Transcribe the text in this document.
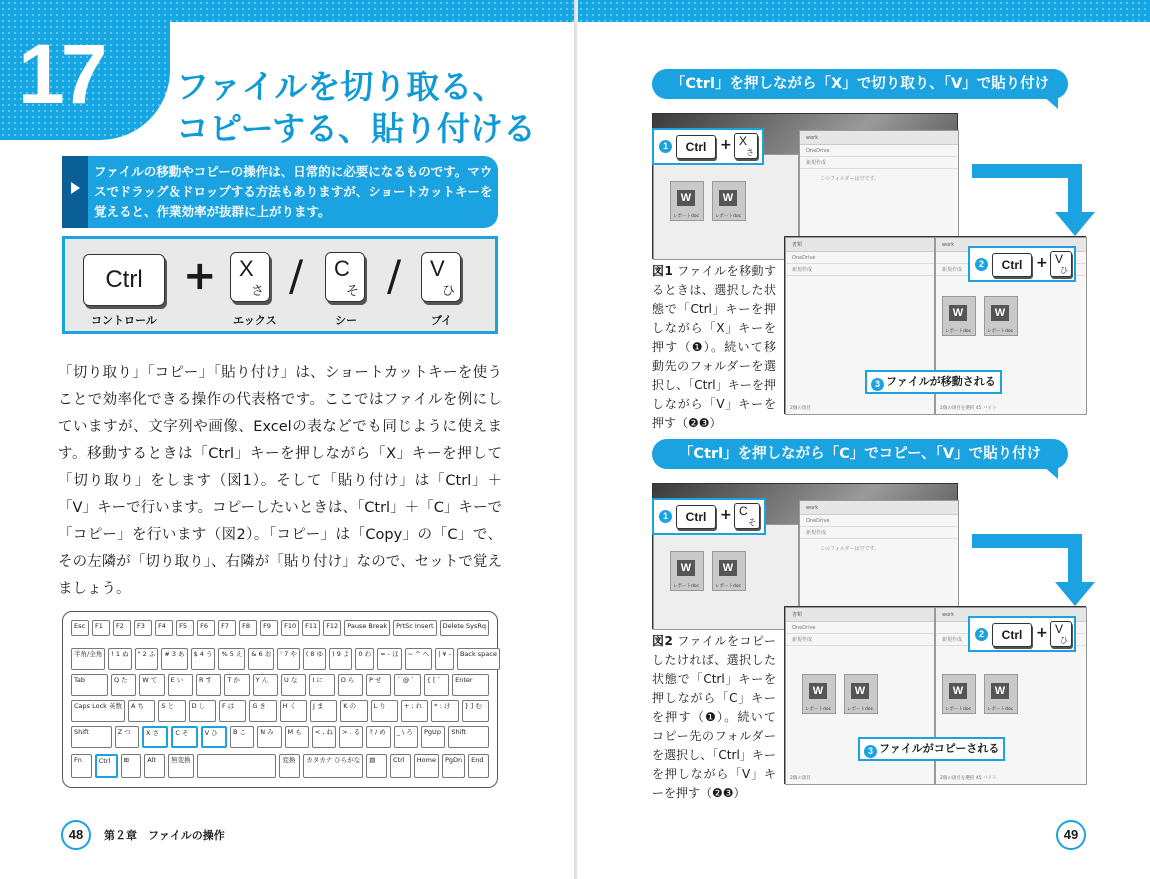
17 ファイルを切り取る、
コピーする、貼り付ける
ファイルの移動やコピーの操作は、日常的に必要になるものです。マウスでドラッグ＆ドロップする方法もありますが、ショートカットキーを覚えると、作業効率が抜群に上がります。
Ctrl
コントロール
+ X
さ
エックス
/ C
そ
シー
/ V
ひ
ブイ
「切り取り」「コピー」「貼り付け」は、ショートカットキーを使うことで効率化できる操作の代表格です。ここではファイルを例にしていますが、文字列や画像、Excelの表などでも同じように使えます。移動するときは「Ctrl」キーを押しながら「X」キーを押して「切り取り」をします（図1）。そして「貼り付け」は「Ctrl」＋「V」キーで行います。コピーしたいときは、「Ctrl」＋「C」キーで「コピー」を行います（図2）。「コピー」は「Copy」の「C」で、その左隣が「切り取り」、右隣が「貼り付け」なので、セットで覚えましょう。
Esc	F1	F2	F3	F4	F5	F6	F7	F8	F9	F10	F11	F12	Pause Break	PrtSc Insert	Delete SysRq
半角/全角	! 1 ぬ	" 2 ふ	# 3 あ	$ 4 う	% 5 え	& 6 お	' 7 や	( 8 ゆ	) 9 よ	0 わ	= - ほ	~ ^ へ	| ¥ -	Back space
Tab	Q た	W て	E い	R す	T か	Y ん	U な	I に	O ら	P せ	` @ ゛	{ [ ゜	Enter
Caps Lock 英数	A ち	S と	D し	F は	G き	H く	J ま	K の	L り	+ ; れ	* : け	} ] む
Shift	Z つ	X さ	C そ	V ひ	B こ	N み	M も	< , ね	> . る	? / め	_ \ ろ	PgUp	Shift
Fn	Ctrl	⊞	Alt	無変換	変換	カタカナ ひらがな	▤	Ctrl	Home	PgDn	End
48	第２章　ファイルの操作
「Ctrl」を押しながら「X」で切り取り、「V」で貼り付け
work
OneDrive
新規作成
このフォルダーは空です。
W
レポートdoc
W
レポートdoc
1	Ctrl + X
さ
書類
OneDrive
新規作成
2個の項目
work
新規作成
W
レポートdoc
W
レポートdoc
2個の項目を選択 45 バイト
2	Ctrl + V
ひ
3 ファイルが移動される
図1 ファイルを移動するときは、選択した状態で「Ctrl」キーを押しながら「X」キーを押す（❶）。続いて移動先のフォルダーを選択し、「Ctrl」キーを押しながら「V」キーを押す（❷❸）
「Ctrl」を押しながら「C」でコピー、「V」で貼り付け
work
OneDrive
新規作成
このフォルダーは空です。
W
レポートdoc
W
レポートdoc
1	Ctrl + C
そ
書類
OneDrive
新規作成
W
レポートdoc
W
レポートdoc
2個の項目
work
新規作成
W
レポートdoc
W
レポートdoc
2個の項目を選択 45 バイト
2	Ctrl + V
ひ
3 ファイルがコピーされる
図2 ファイルをコピーしたければ、選択した状態で「Ctrl」キーを押しながら「C」キーを押す（❶）。続いてコピー先のフォルダーを選択し、「Ctrl」キーを押しながら「V」キーを押す（❷❸）
49
